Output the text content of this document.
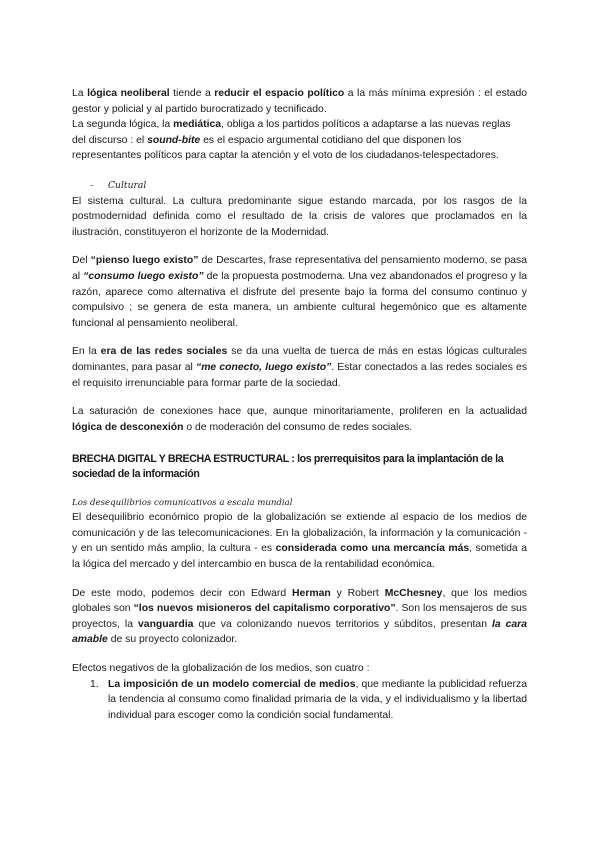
La lógica neoliberal tiende a reducir el espacio político a la más mínima expresión : el estado gestor y policial y al partido burocratizado y tecnificado.

La segunda lógica, la mediática, obliga a los partidos políticos a adaptarse a las nuevas reglas del discurso : el sound-bite es el espacio argumental cotidiano del que disponen los representantes políticos para captar la atención y el voto de los ciudadanos-telespectadores.

- Cultural

El sistema cultural. La cultura predominante sigue estando marcada, por los rasgos de la postmodernidad definida como el resultado de la crisis de valores que proclamados en la ilustración, constituyeron el horizonte de la Modernidad.

Del “pienso luego existo” de Descartes, frase representativa del pensamiento moderno, se pasa al “consumo luego existo” de la propuesta postmoderna. Una vez abandonados el progreso y la razón, aparece como alternativa el disfrute del presente bajo la forma del consumo continuo y compulsivo ; se genera de esta manera, un ambiente cultural hegemónico que es altamente funcional al pensamiento neoliberal.

En la era de las redes sociales se da una vuelta de tuerca de más en estas lógicas culturales dominantes, para pasar al “me conecto, luego existo”. Estar conectados a las redes sociales es el requisito irrenunciable para formar parte de la sociedad.

La saturación de conexiones hace que, aunque minoritariamente, proliferen en la actualidad lógica de desconexión o de moderación del consumo de redes sociales.

BRECHA DIGITAL Y BRECHA ESTRUCTURAL : los prerrequisitos para la implantación de la sociedad de la información

Los desequilibrios comunicativos a escala mundial

El desequilibrio económico propio de la globalización se extiende al espacio de los medios de comunicación y de las telecomunicaciones. En la globalización, la información y la comunicación - y en un sentido más amplio, la cultura - es considerada como una mercancía más, sometida a la lógica del mercado y del intercambio en busca de la rentabilidad económica.

De este modo, podemos decir con Edward Herman y Robert McChesney, que los medios globales son “los nuevos misioneros del capitalismo corporativo”. Son los mensajeros de sus proyectos, la vanguardia que va colonizando nuevos territorios y súbditos, presentan la cara amable de su proyecto colonizador.

Efectos negativos de la globalización de los medios, son cuatro :

1. La imposición de un modelo comercial de medios, que mediante la publicidad refuerza la tendencia al consumo como finalidad primaria de la vida, y el individualismo y la libertad individual para escoger como la condición social fundamental.
